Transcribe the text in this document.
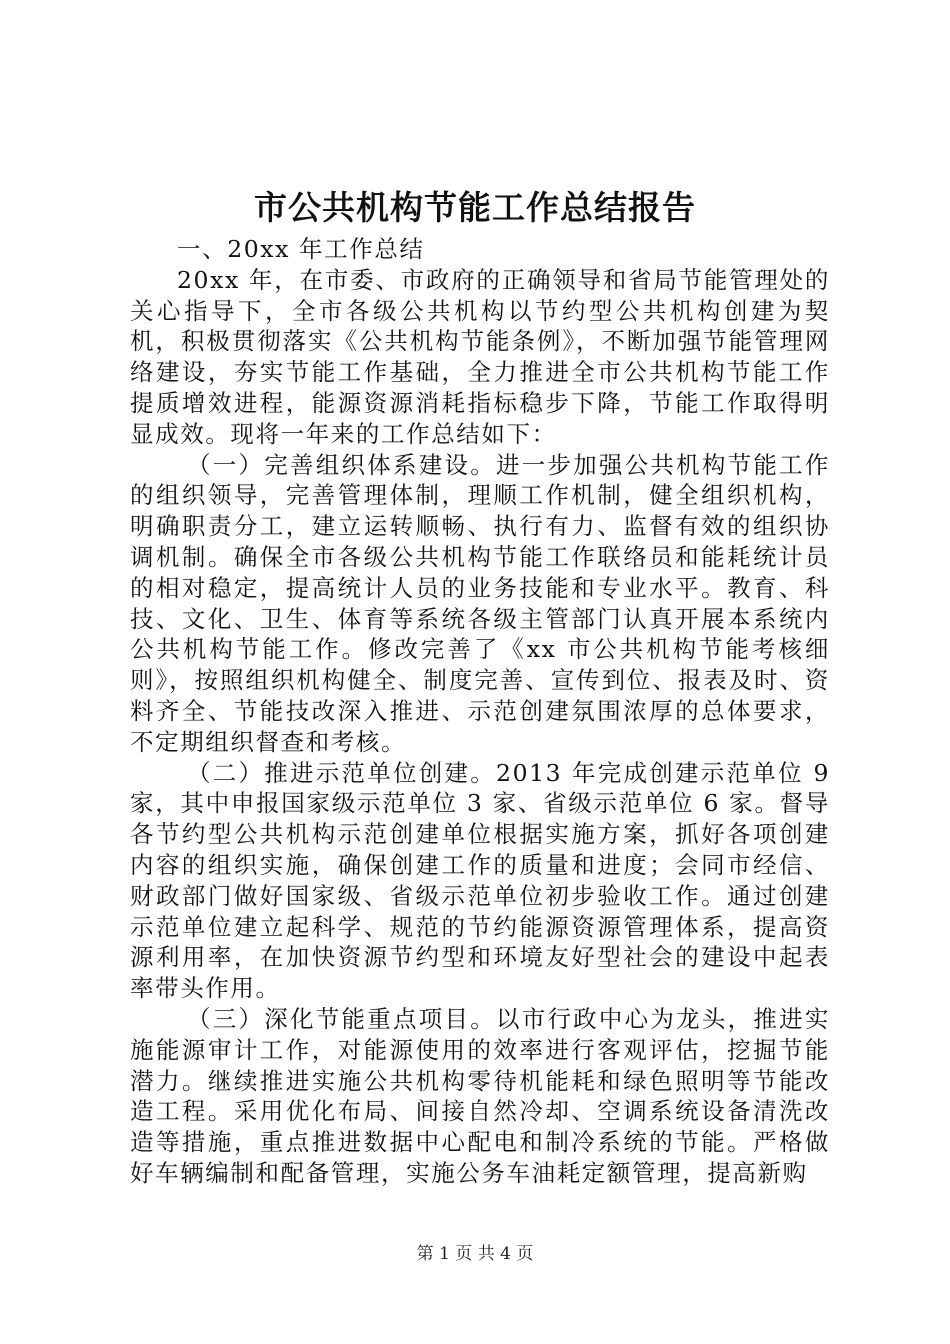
市公共机构节能工作总结报告

一、20xx 年工作总结

20xx 年，在市委、市政府的正确领导和省局节能管理处的关心指导下，全市各级公共机构以节约型公共机构创建为契机，积极贯彻落实《公共机构节能条例》，不断加强节能管理网络建设，夯实节能工作基础，全力推进全市公共机构节能工作提质增效进程，能源资源消耗指标稳步下降，节能工作取得明显成效。现将一年来的工作总结如下：

（一）完善组织体系建设。进一步加强公共机构节能工作的组织领导，完善管理体制，理顺工作机制，健全组织机构，明确职责分工，建立运转顺畅、执行有力、监督有效的组织协调机制。确保全市各级公共机构节能工作联络员和能耗统计员的相对稳定，提高统计人员的业务技能和专业水平。教育、科技、文化、卫生、体育等系统各级主管部门认真开展本系统内公共机构节能工作。修改完善了《xx 市公共机构节能考核细则》，按照组织机构健全、制度完善、宣传到位、报表及时、资料齐全、节能技改深入推进、示范创建氛围浓厚的总体要求，不定期组织督查和考核。

（二）推进示范单位创建。2013 年完成创建示范单位 9 家，其中申报国家级示范单位 3 家、省级示范单位 6 家。督导各节约型公共机构示范创建单位根据实施方案，抓好各项创建内容的组织实施，确保创建工作的质量和进度；会同市经信、财政部门做好国家级、省级示范单位初步验收工作。通过创建示范单位建立起科学、规范的节约能源资源管理体系，提高资源利用率，在加快资源节约型和环境友好型社会的建设中起表率带头作用。

（三）深化节能重点项目。以市行政中心为龙头，推进实施能源审计工作，对能源使用的效率进行客观评估，挖掘节能潜力。继续推进实施公共机构零待机能耗和绿色照明等节能改造工程。采用优化布局、间接自然冷却、空调系统设备清洗改造等措施，重点推进数据中心配电和制冷系统的节能。严格做好车辆编制和配备管理，实施公务车油耗定额管理，提高新购

第 1 页 共 4 页
